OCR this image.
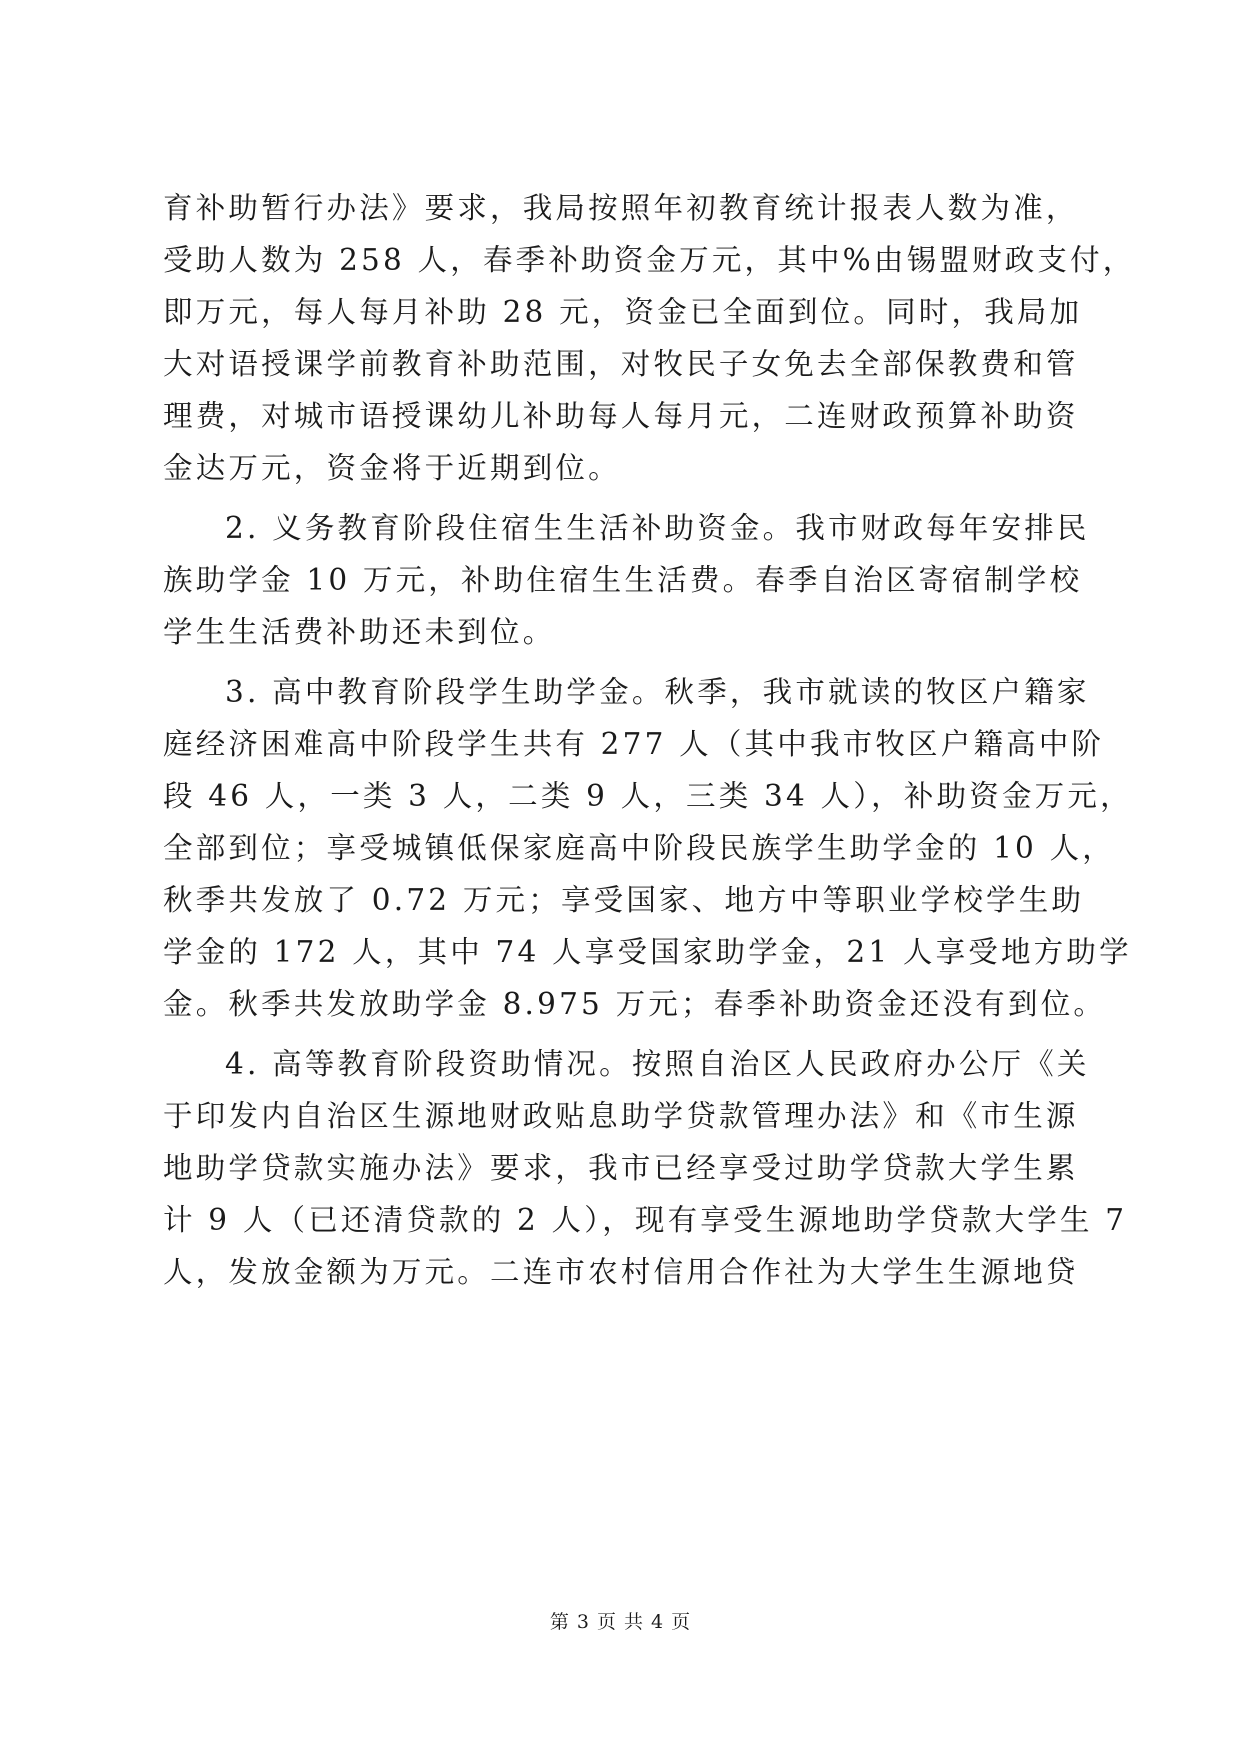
育补助暂行办法》要求，我局按照年初教育统计报表人数为准，
受助人数为 258 人，春季补助资金万元，其中%由锡盟财政支付，
即万元，每人每月补助 28 元，资金已全面到位。同时，我局加
大对语授课学前教育补助范围，对牧民子女免去全部保教费和管
理费，对城市语授课幼儿补助每人每月元，二连财政预算补助资
金达万元，资金将于近期到位。
2. 义务教育阶段住宿生生活补助资金。我市财政每年安排民
族助学金 10 万元，补助住宿生生活费。春季自治区寄宿制学校
学生生活费补助还未到位。
3. 高中教育阶段学生助学金。秋季，我市就读的牧区户籍家
庭经济困难高中阶段学生共有 277 人（其中我市牧区户籍高中阶
段 46 人，一类 3 人，二类 9 人，三类 34 人），补助资金万元，
全部到位；享受城镇低保家庭高中阶段民族学生助学金的 10 人，
秋季共发放了 0.72 万元；享受国家、地方中等职业学校学生助
学金的 172 人，其中 74 人享受国家助学金，21 人享受地方助学
金。秋季共发放助学金 8.975 万元；春季补助资金还没有到位。
4. 高等教育阶段资助情况。按照自治区人民政府办公厅《关
于印发内自治区生源地财政贴息助学贷款管理办法》和《市生源
地助学贷款实施办法》要求，我市已经享受过助学贷款大学生累
计 9 人（已还清贷款的 2 人），现有享受生源地助学贷款大学生 7
人，发放金额为万元。二连市农村信用合作社为大学生生源地贷
第 3 页 共 4 页
